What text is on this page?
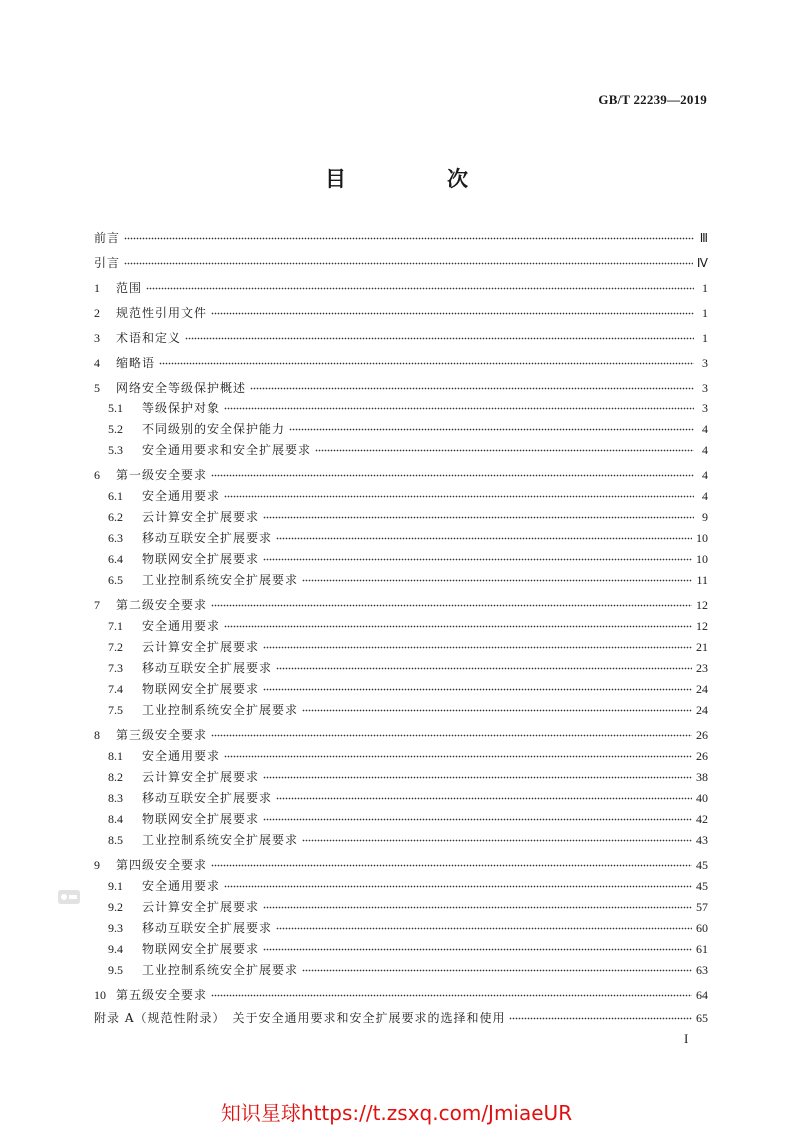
GB/T 22239—2019
目　次
前言	Ⅲ
引言	Ⅳ
1	范围	1
2	规范性引用文件	1
3	术语和定义	1
4	缩略语	3
5	网络安全等级保护概述	3
5.1	等级保护对象	3
5.2	不同级别的安全保护能力	4
5.3	安全通用要求和安全扩展要求	4
6	第一级安全要求	4
6.1	安全通用要求	4
6.2	云计算安全扩展要求	9
6.3	移动互联安全扩展要求	10
6.4	物联网安全扩展要求	10
6.5	工业控制系统安全扩展要求	11
7	第二级安全要求	12
7.1	安全通用要求	12
7.2	云计算安全扩展要求	21
7.3	移动互联安全扩展要求	23
7.4	物联网安全扩展要求	24
7.5	工业控制系统安全扩展要求	24
8	第三级安全要求	26
8.1	安全通用要求	26
8.2	云计算安全扩展要求	38
8.3	移动互联安全扩展要求	40
8.4	物联网安全扩展要求	42
8.5	工业控制系统安全扩展要求	43
9	第四级安全要求	45
9.1	安全通用要求	45
9.2	云计算安全扩展要求	57
9.3	移动互联安全扩展要求	60
9.4	物联网安全扩展要求	61
9.5	工业控制系统安全扩展要求	63
10 第五级安全要求	64
附录 A（规范性附录）　关于安全通用要求和安全扩展要求的选择和使用	65
I
知识星球https://t.zsxq.com/JmiaeUR
